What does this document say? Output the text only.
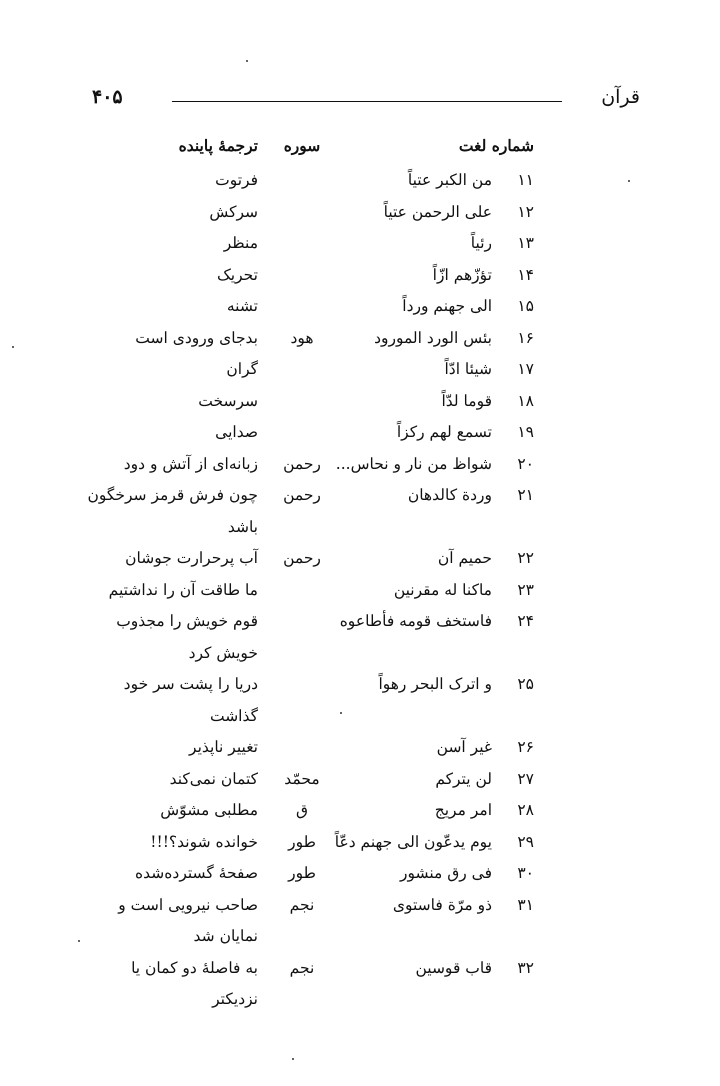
قرآن
۴۰۵
شماره لغت
سوره
ترجمهٔ پاینده
۱۱
من الکبر عتیاً
فرتوت
۱۲
علی الرحمن عتیاً
سرکش
۱۳
رئیاً
منظر
۱۴
تؤزّهم ازّاً
تحریک
۱۵
الی جهنم ورداً
تشنه
۱۶
بئس الورد المورود
هود
بدجای ورودی است
۱۷
شیئا ادّاً
گران
۱۸
قوما لدّاً
سرسخت
۱۹
تسمع لهم رکزاً
صدایی
۲۰
شواظ من نار و نحاس...
رحمن
زبانه‌ای از آتش و دود
۲۱
وردة کالدهان
رحمن
چون فرش قرمز سرخگون
باشد
۲۲
حمیم آن
رحمن
آب پرحرارت جوشان
۲۳
ماکنا له مقرنین
ما طاقت آن را نداشتیم
۲۴
فاستخف قومه فأطاعوه
قوم خویش را مجذوب
خویش کرد
۲۵
و اترک البحر رهواً
دریا را پشت سر خود
گذاشت
۲۶
غیر آسن
تغییر ناپذیر
۲۷
لن یترکم
محمّد
کتمان نمی‌کند
۲۸
امر مریج
ق
مطلبی مشوّش
۲۹
یوم یدعّون الی جهنم دعّاً
طور
خوانده شوند؟!!!
۳۰
فی رق منشور
طور
صفحهٔ گسترده‌شده
۳۱
ذو مرّة فاستوی
نجم
صاحب نیرویی است و
نمایان شد
۳۲
قاب قوسین
نجم
به فاصلهٔ دو کمان یا
نزدیکتر
